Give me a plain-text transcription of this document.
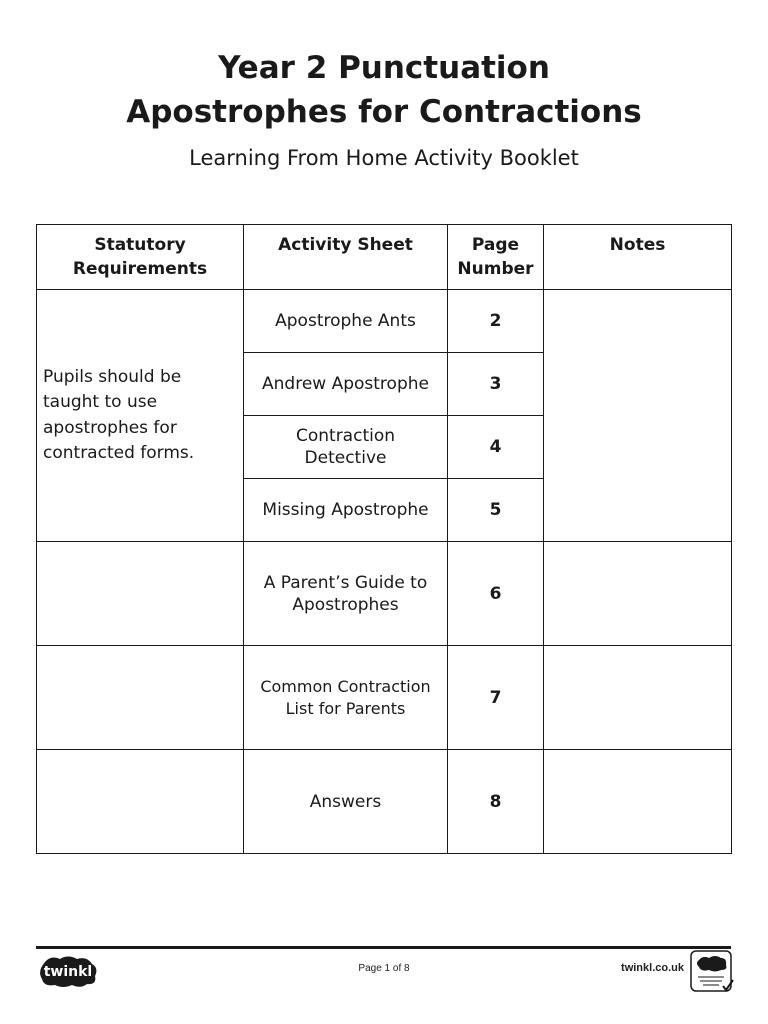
Year 2 Punctuation
Apostrophes for Contractions
Learning From Home Activity Booklet
Statutory Requirements	Activity Sheet	Page Number	Notes
Pupils should be taught to use apostrophes for contracted forms.	Apostrophe Ants	2	
	Andrew Apostrophe	3	
	Contraction Detective	4	
	Missing Apostrophe	5	
	A Parent’s Guide to Apostrophes	6	
	Common Contraction List for Parents	7	
	Answers	8	
twinkl	Page 1 of 8	twinkl.co.uk
